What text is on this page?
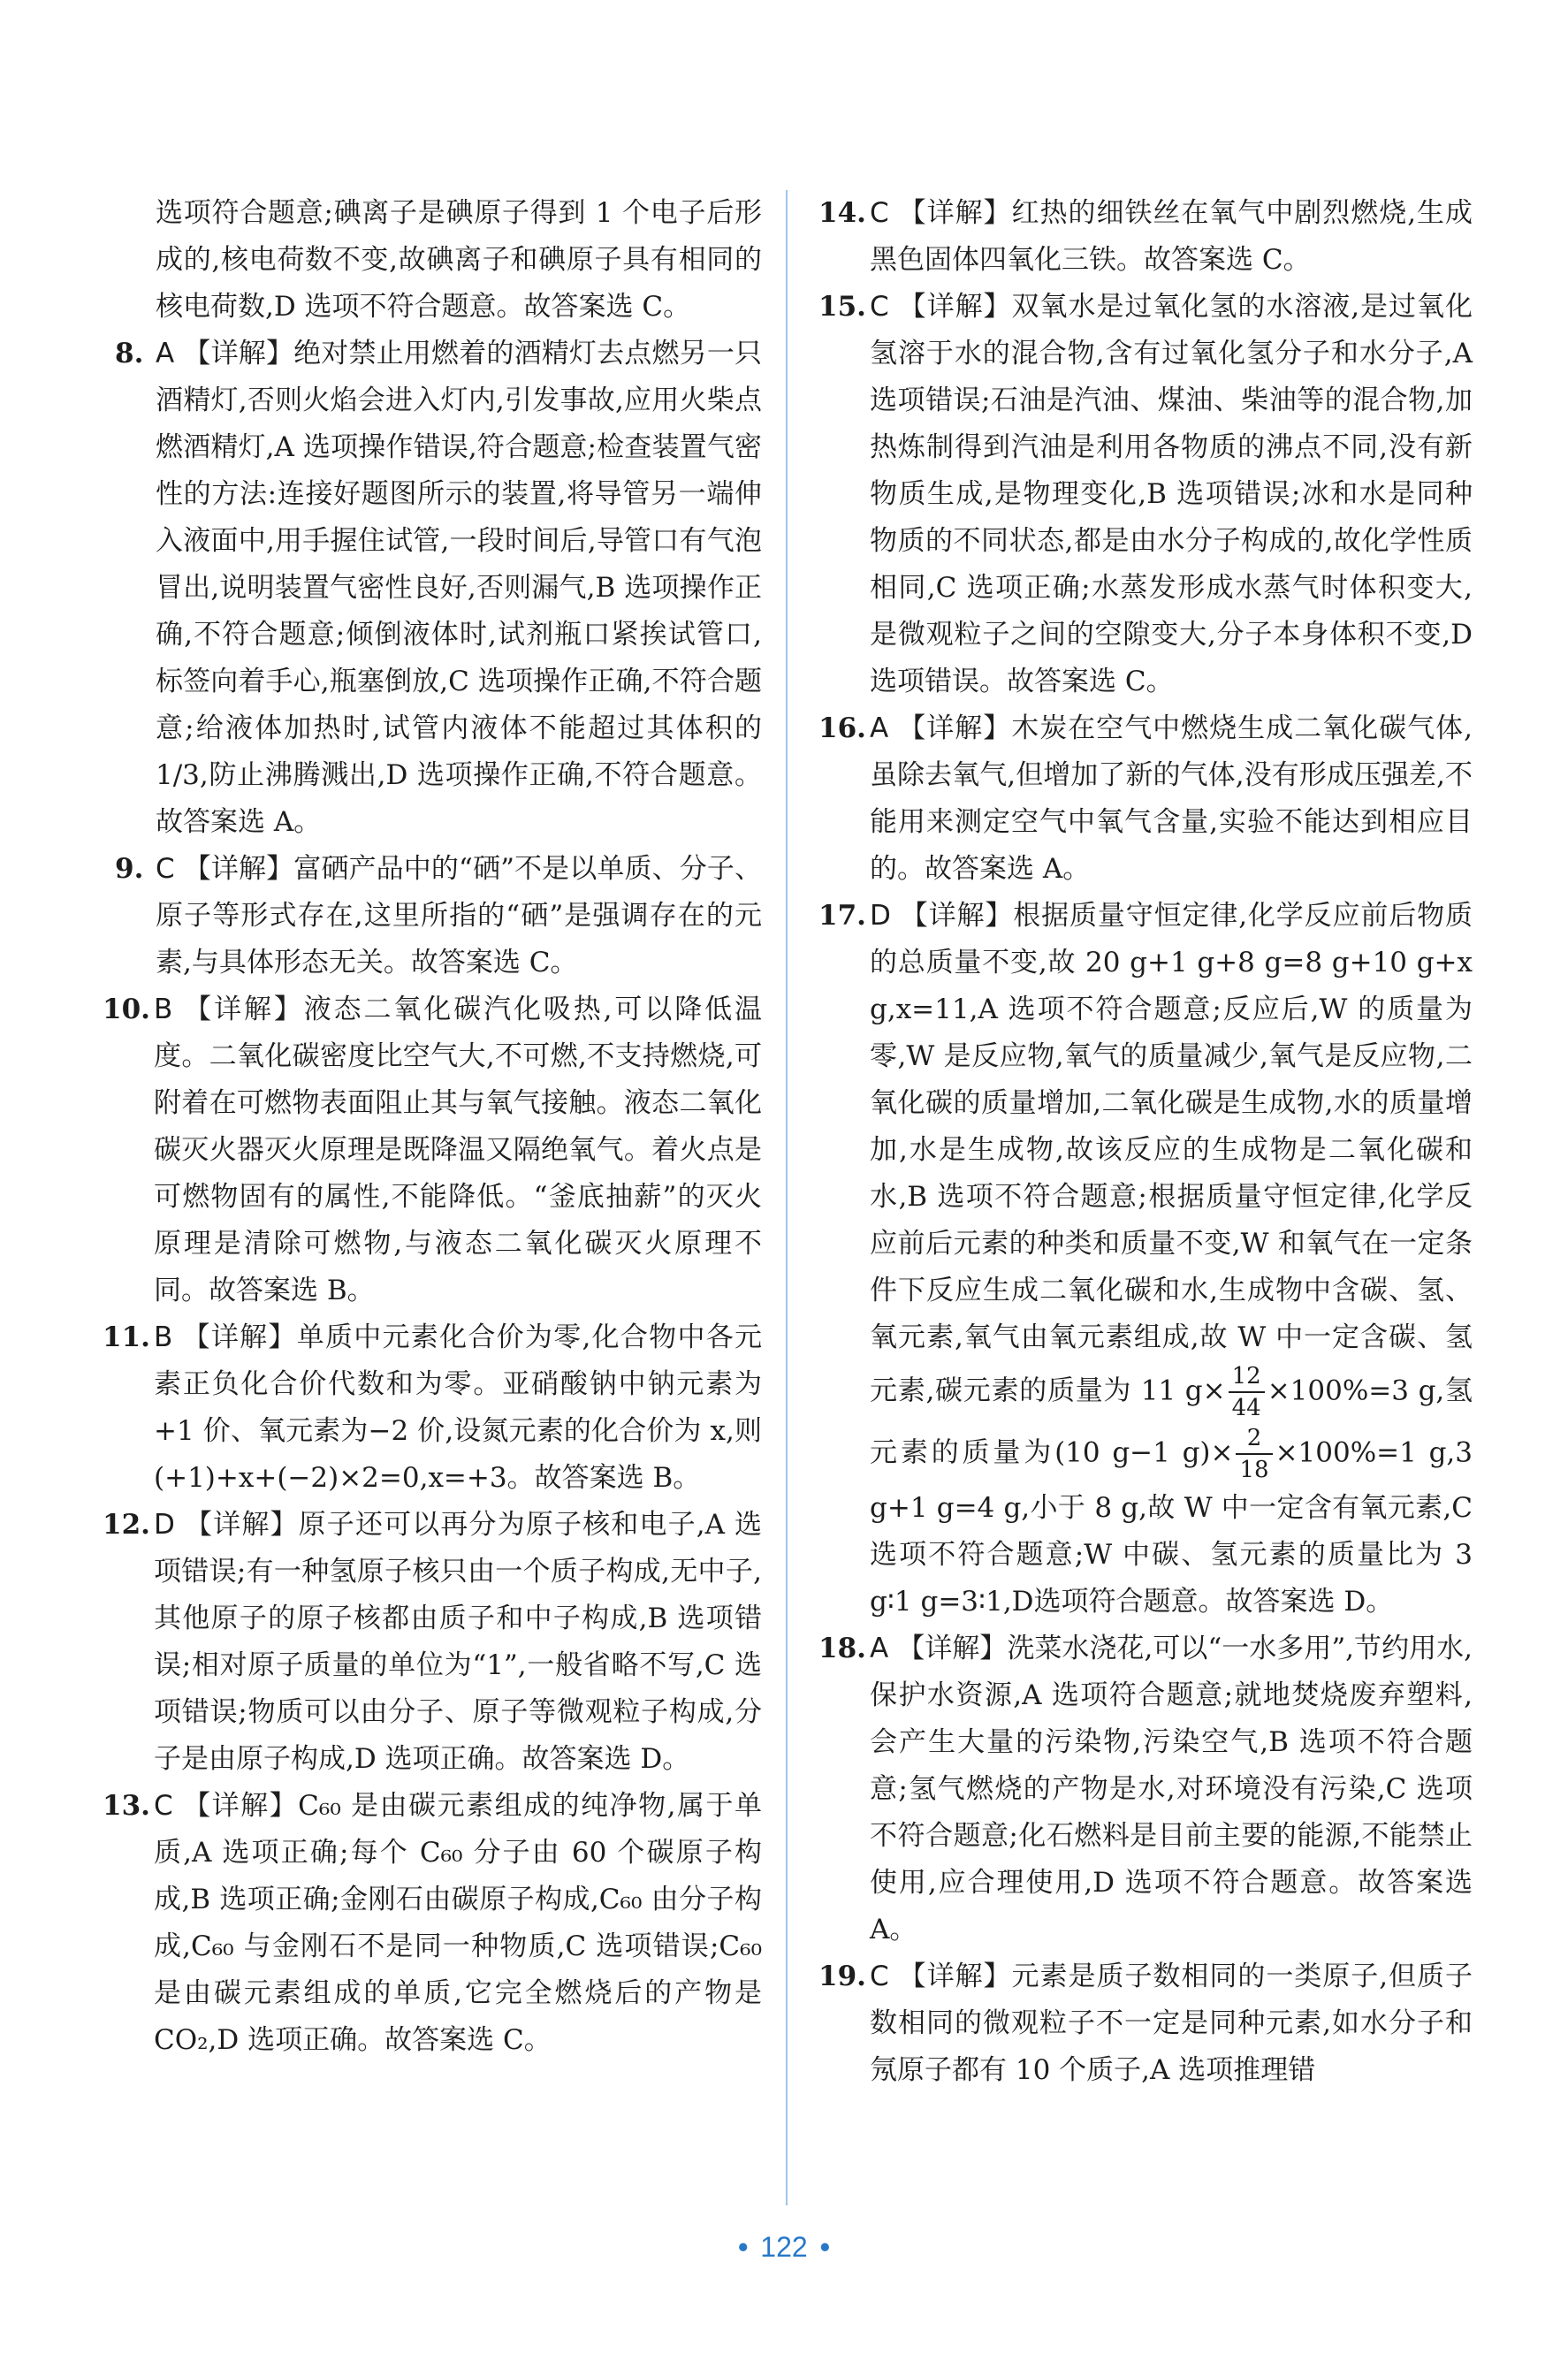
选项符合题意;碘离子是碘原子得到 1 个电子后形成的,核电荷数不变,故碘离子和碘原子具有相同的核电荷数,D 选项不符合题意。故答案选 C。
8. A 【详解】绝对禁止用燃着的酒精灯去点燃另一只酒精灯,否则火焰会进入灯内,引发事故,应用火柴点燃酒精灯,A 选项操作错误,符合题意;检查装置气密性的方法:连接好题图所示的装置,将导管另一端伸入液面中,用手握住试管,一段时间后,导管口有气泡冒出,说明装置气密性良好,否则漏气,B 选项操作正确,不符合题意;倾倒液体时,试剂瓶口紧挨试管口,标签向着手心,瓶塞倒放,C 选项操作正确,不符合题意;给液体加热时,试管内液体不能超过其体积的 1/3,防止沸腾溅出,D 选项操作正确,不符合题意。故答案选 A。
9. C 【详解】富硒产品中的“硒”不是以单质、分子、原子等形式存在,这里所指的“硒”是强调存在的元素,与具体形态无关。故答案选 C。
10. B 【详解】液态二氧化碳汽化吸热,可以降低温度。二氧化碳密度比空气大,不可燃,不支持燃烧,可附着在可燃物表面阻止其与氧气接触。液态二氧化碳灭火器灭火原理是既降温又隔绝氧气。着火点是可燃物固有的属性,不能降低。“釜底抽薪”的灭火原理是清除可燃物,与液态二氧化碳灭火原理不同。故答案选 B。
11. B 【详解】单质中元素化合价为零,化合物中各元素正负化合价代数和为零。亚硝酸钠中钠元素为+1 价、氧元素为−2 价,设氮元素的化合价为 x,则(+1)+x+(−2)×2=0,x=+3。故答案选 B。
12. D 【详解】原子还可以再分为原子核和电子,A 选项错误;有一种氢原子核只由一个质子构成,无中子,其他原子的原子核都由质子和中子构成,B 选项错误;相对原子质量的单位为“1”,一般省略不写,C 选项错误;物质可以由分子、原子等微观粒子构成,分子是由原子构成,D 选项正确。故答案选 D。
13. C 【详解】C₆₀ 是由碳元素组成的纯净物,属于单质,A 选项正确;每个 C₆₀ 分子由 60 个碳原子构成,B 选项正确;金刚石由碳原子构成,C₆₀ 由分子构成,C₆₀ 与金刚石不是同一种物质,C 选项错误;C₆₀ 是由碳元素组成的单质,它完全燃烧后的产物是 CO₂,D 选项正确。故答案选 C。
14. C 【详解】红热的细铁丝在氧气中剧烈燃烧,生成黑色固体四氧化三铁。故答案选 C。
15. C 【详解】双氧水是过氧化氢的水溶液,是过氧化氢溶于水的混合物,含有过氧化氢分子和水分子,A 选项错误;石油是汽油、煤油、柴油等的混合物,加热炼制得到汽油是利用各物质的沸点不同,没有新物质生成,是物理变化,B 选项错误;冰和水是同种物质的不同状态,都是由水分子构成的,故化学性质相同,C 选项正确;水蒸发形成水蒸气时体积变大,是微观粒子之间的空隙变大,分子本身体积不变,D 选项错误。故答案选 C。
16. A 【详解】木炭在空气中燃烧生成二氧化碳气体,虽除去氧气,但增加了新的气体,没有形成压强差,不能用来测定空气中氧气含量,实验不能达到相应目的。故答案选 A。
17. D 【详解】根据质量守恒定律,化学反应前后物质的总质量不变,故 20 g+1 g+8 g=8 g+10 g+x g,x=11,A 选项不符合题意;反应后,W 的质量为零,W 是反应物,氧气的质量减少,氧气是反应物,二氧化碳的质量增加,二氧化碳是生成物,水的质量增加,水是生成物,故该反应的生成物是二氧化碳和水,B 选项不符合题意;根据质量守恒定律,化学反应前后元素的种类和质量不变,W 和氧气在一定条件下反应生成二氧化碳和水,生成物中含碳、氢、氧元素,氧气由氧元素组成,故 W 中一定含碳、氢元素,碳元素的质量为 11 $g\times \frac{12}{44} \times 100\%=3$ g,氢元素的质量为(10 g−1 $g)\times \frac{2}{18} \times 100\%=1$ g,3 g+1 g=4 g,小于 8 g,故 W 中一定含有氧元素,C 选项不符合题意;W 中碳、氢元素的质量比为 3 g∶1 g=3∶1,D选项符合题意。故答案选 D。
18. A 【详解】洗菜水浇花,可以“一水多用”,节约用水,保护水资源,A 选项符合题意;就地焚烧废弃塑料,会产生大量的污染物,污染空气,B 选项不符合题意;氢气燃烧的产物是水,对环境没有污染,C 选项不符合题意;化石燃料是目前主要的能源,不能禁止使用,应合理使用,D 选项不符合题意。故答案选 A。
19. C 【详解】元素是质子数相同的一类原子,但质子数相同的微观粒子不一定是同种元素,如水分子和氖原子都有 10 个质子,A 选项推理错
• 122 •
